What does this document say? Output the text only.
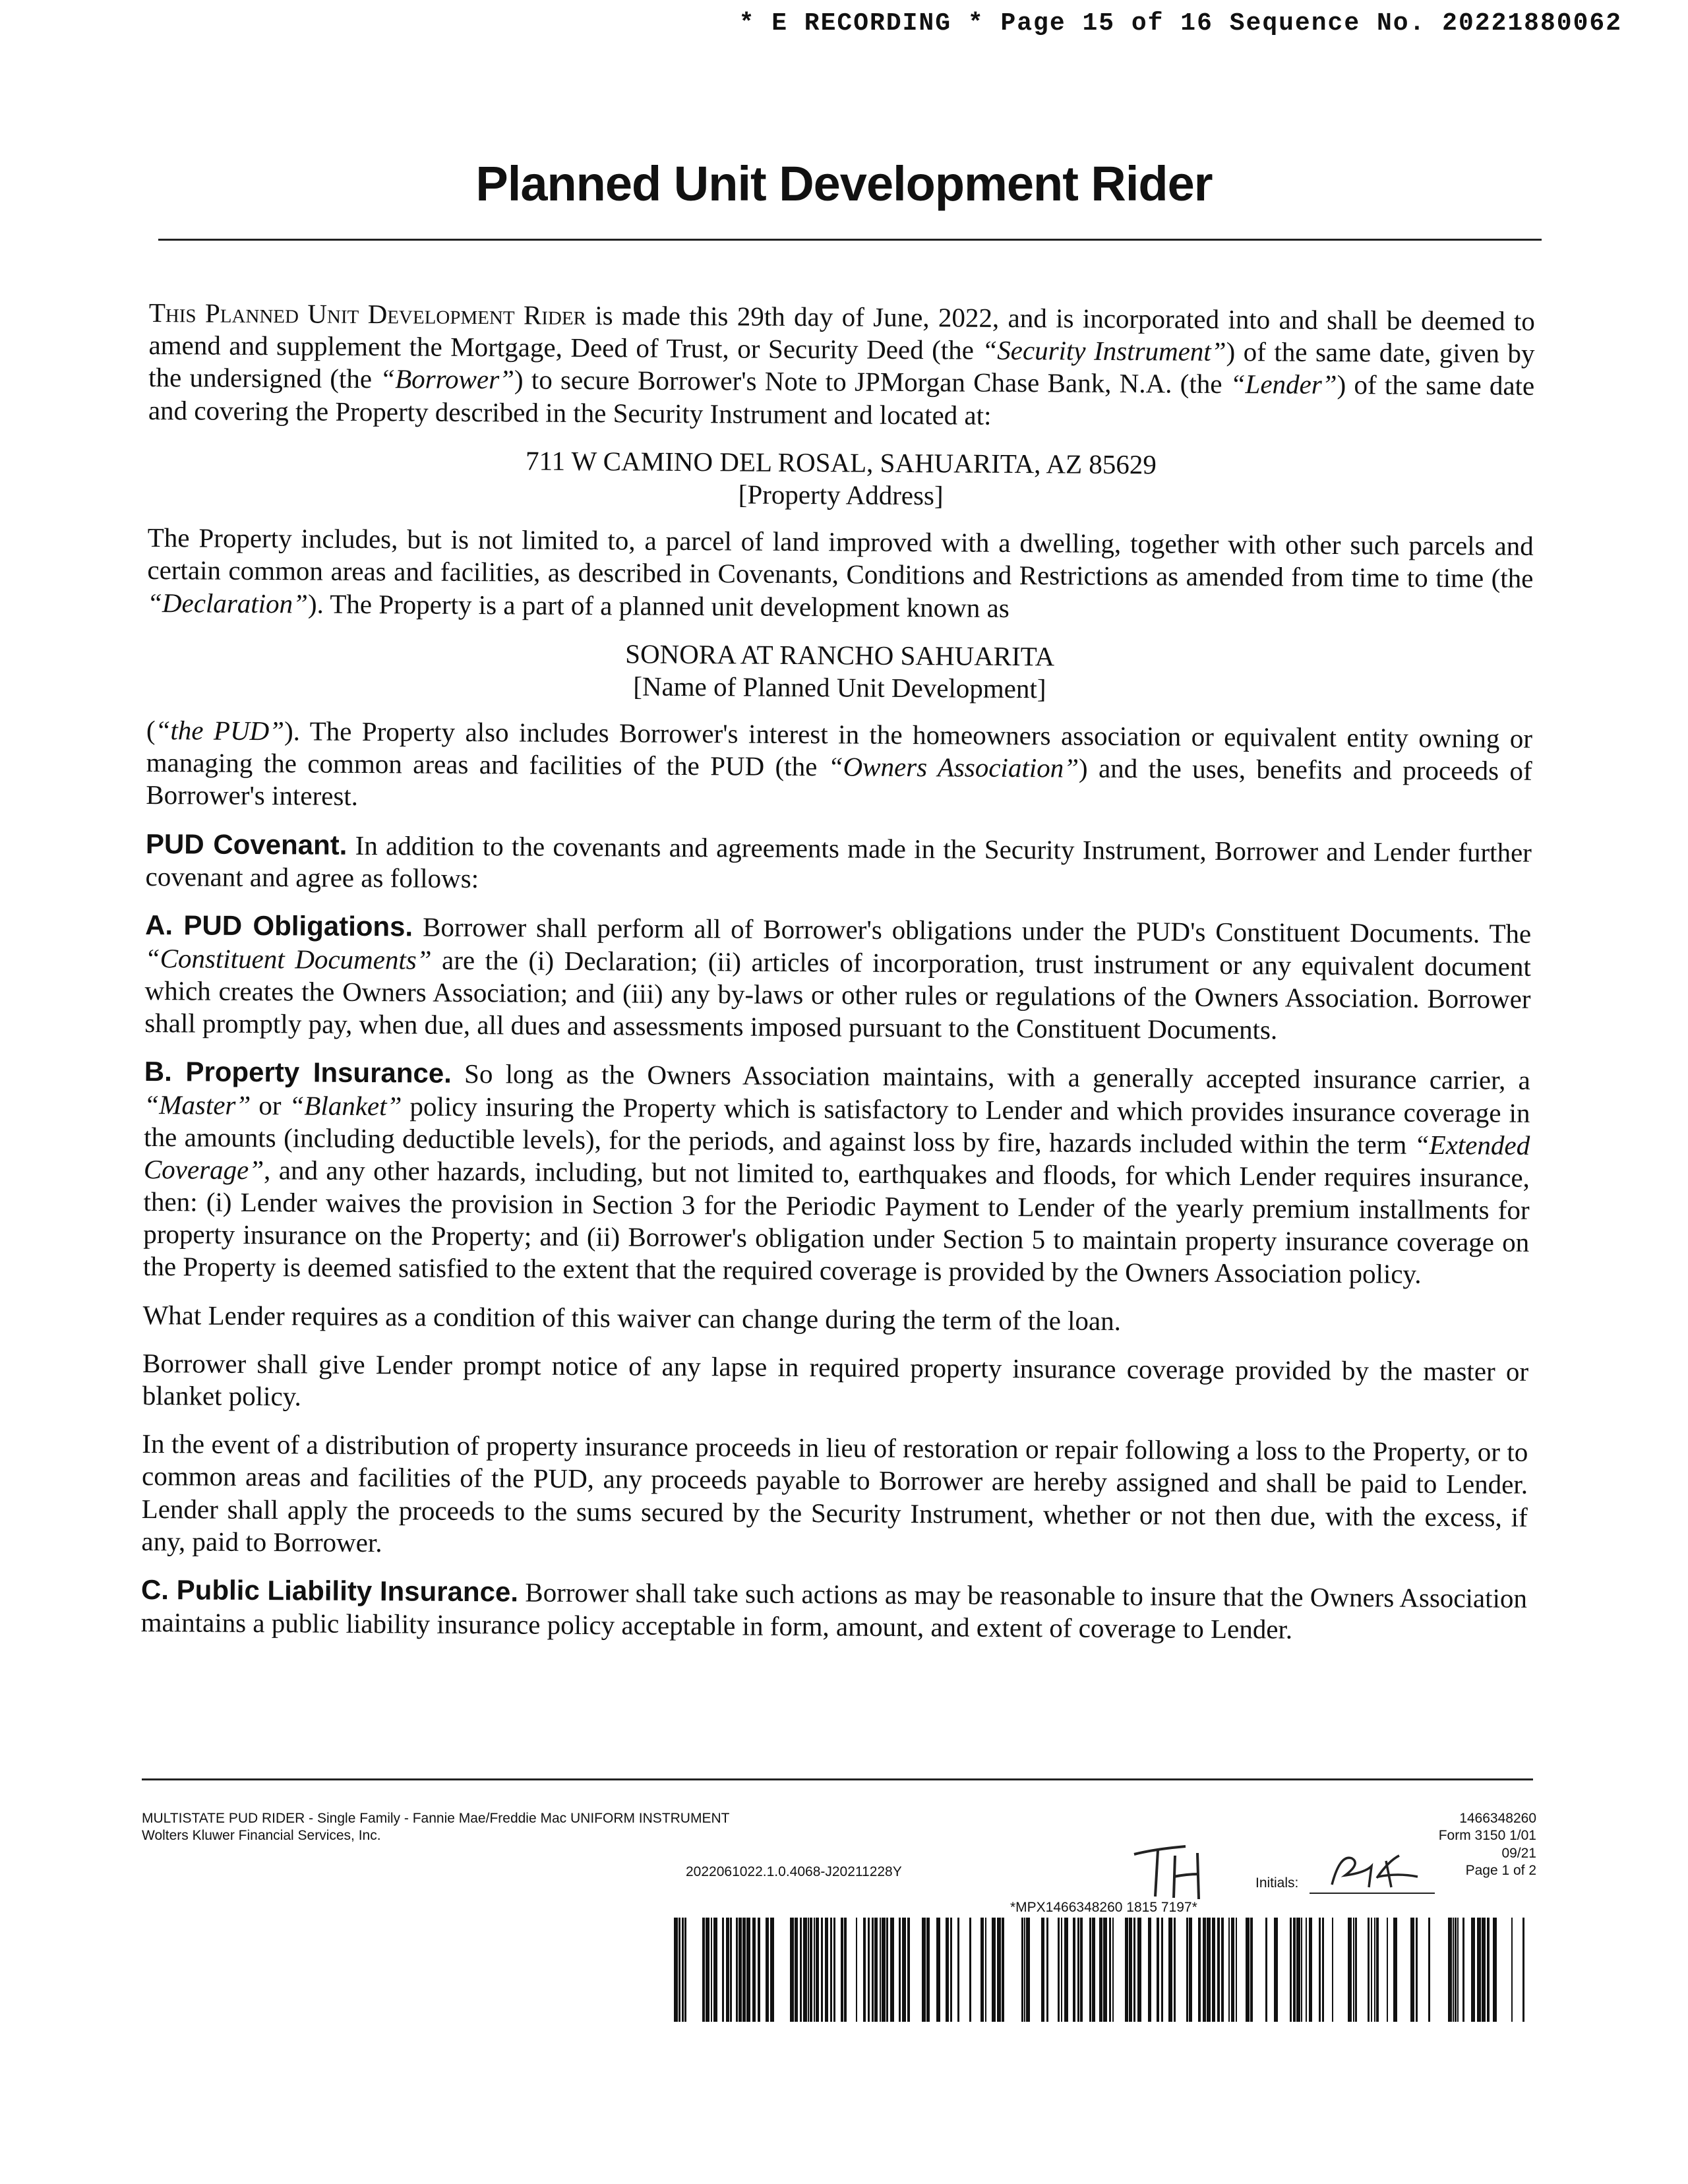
* E RECORDING * Page 15 of 16 Sequence No. 20221880062
Planned Unit Development Rider

This Planned Unit Development Rider is made this 29th day of June, 2022, and is incorporated into and shall be deemed to amend and supplement the Mortgage, Deed of Trust, or Security Deed (the “Security Instrument”) of the same date, given by the undersigned (the “Borrower”) to secure Borrower's Note to JPMorgan Chase Bank, N.A. (the “Lender”) of the same date and covering the Property described in the Security Instrument and located at:

711 W CAMINO DEL ROSAL, SAHUARITA, AZ 85629

[Property Address]

The Property includes, but is not limited to, a parcel of land improved with a dwelling, together with other such parcels and certain common areas and facilities, as described in Covenants, Conditions and Restrictions as amended from time to time (the “Declaration”). The Property is a part of a planned unit development known as

SONORA AT RANCHO SAHUARITA

[Name of Planned Unit Development]

(“the PUD”). The Property also includes Borrower's interest in the homeowners association or equivalent entity owning or managing the common areas and facilities of the PUD (the “Owners Association”) and the uses, benefits and proceeds of Borrower's interest.

PUD Covenant. In addition to the covenants and agreements made in the Security Instrument, Borrower and Lender further covenant and agree as follows:

A. PUD Obligations. Borrower shall perform all of Borrower's obligations under the PUD's Constituent Documents. The “Constituent Documents” are the (i) Declaration; (ii) articles of incorporation, trust instrument or any equivalent document which creates the Owners Association; and (iii) any by-laws or other rules or regulations of the Owners Association. Borrower shall promptly pay, when due, all dues and assessments imposed pursuant to the Constituent Documents.

B. Property Insurance. So long as the Owners Association maintains, with a generally accepted insurance carrier, a “Master” or “Blanket” policy insuring the Property which is satisfactory to Lender and which provides insurance coverage in the amounts (including deductible levels), for the periods, and against loss by fire, hazards included within the term “Extended Coverage”, and any other hazards, including, but not limited to, earthquakes and floods, for which Lender requires insurance, then: (i) Lender waives the provision in Section 3 for the Periodic Payment to Lender of the yearly premium installments for property insurance on the Property; and (ii) Borrower's obligation under Section 5 to maintain property insurance coverage on the Property is deemed satisfied to the extent that the required coverage is provided by the Owners Association policy.

What Lender requires as a condition of this waiver can change during the term of the loan.

Borrower shall give Lender prompt notice of any lapse in required property insurance coverage provided by the master or blanket policy.

In the event of a distribution of property insurance proceeds in lieu of restoration or repair following a loss to the Property, or to common areas and facilities of the PUD, any proceeds payable to Borrower are hereby assigned and shall be paid to Lender. Lender shall apply the proceeds to the sums secured by the Security Instrument, whether or not then due, with the excess, if any, paid to Borrower.

C. Public Liability Insurance. Borrower shall take such actions as may be reasonable to insure that the Owners Association maintains a public liability insurance policy acceptable in form, amount, and extent of coverage to Lender.

MULTISTATE PUD RIDER - Single Family - Fannie Mae/Freddie Mac UNIFORM INSTRUMENT
Wolters Kluwer Financial Services, Inc.
1466348260
Form 3150 1/01
09/21
Page 1 of 2
2022061022.1.0.4068-J20211228Y
Initials:
*MPX1466348260 1815 7197*
